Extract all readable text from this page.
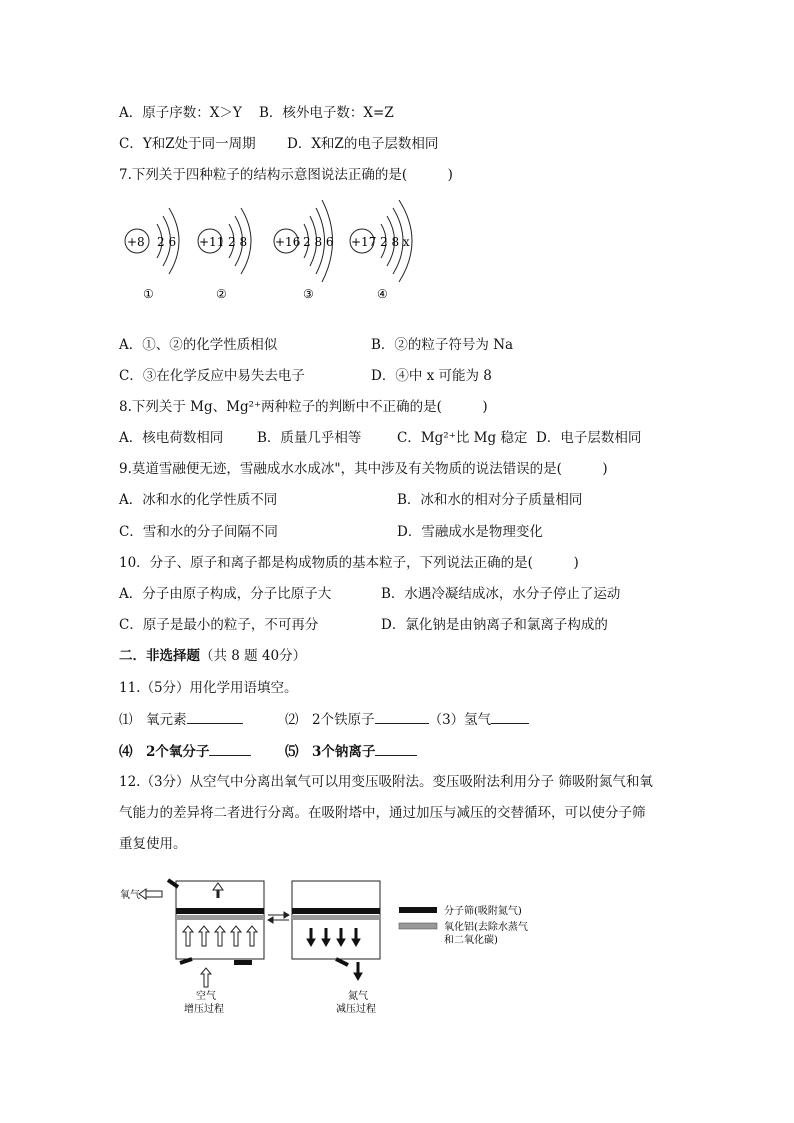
A．原子序数：X＞Y B．核外电子数：X=Z
C．Y和Z处于同一周期 D．X和Z的电子层数相同
7.下列关于四种粒子的结构示意图说法正确的是(　　　)
+8 2 6
①
+11 2 8
②
+16 2 8 6
③
+17 2 8 x
④
A．①、②的化学性质相似	B．②的粒子符号为 Na
C．③在化学反应中易失去电子	D．④中 x 可能为 8
8.下列关于 Mg、Mg²⁺两种粒子的判断中不正确的是(　　　)
A．核电荷数相同	B．质量几乎相等	C．Mg²⁺比 Mg 稳定 D．电子层数相同
9.莫道雪融便无迹，雪融成水水成冰"，其中涉及有关物质的说法错误的是(　　　)
A．冰和水的化学性质不同	B．冰和水的相对分子质量相同
C．雪和水的分子间隔不同	D．雪融成水是物理变化
10．分子、原子和离子都是构成物质的基本粒子，下列说法正确的是(　　　)
A．分子由原子构成，分子比原子大	B．水遇冷凝结成冰，水分子停止了运动
C．原子是最小的粒子，不可再分	D．氯化钠是由钠离子和氯离子构成的
二．非选择题（共 8 题 40分）
11.（5分）用化学用语填空。
⑴　氧元素	⑵　2个铁原子	（3）氢气
⑷　2个氧分子	⑸　3个钠离子
12.（3分）从空气中分离出氧气可以用变压吸附法。变压吸附法利用分子 筛吸附氮气和氧
气能力的差异将二者进行分离。在吸附塔中，通过加压与减压的交替循环，可以使分子筛
重复使用。
氧气
空气
增压过程
氮气
减压过程
分子筛(吸附氮气)
氧化铝(去除水蒸气
和二氧化碳)
